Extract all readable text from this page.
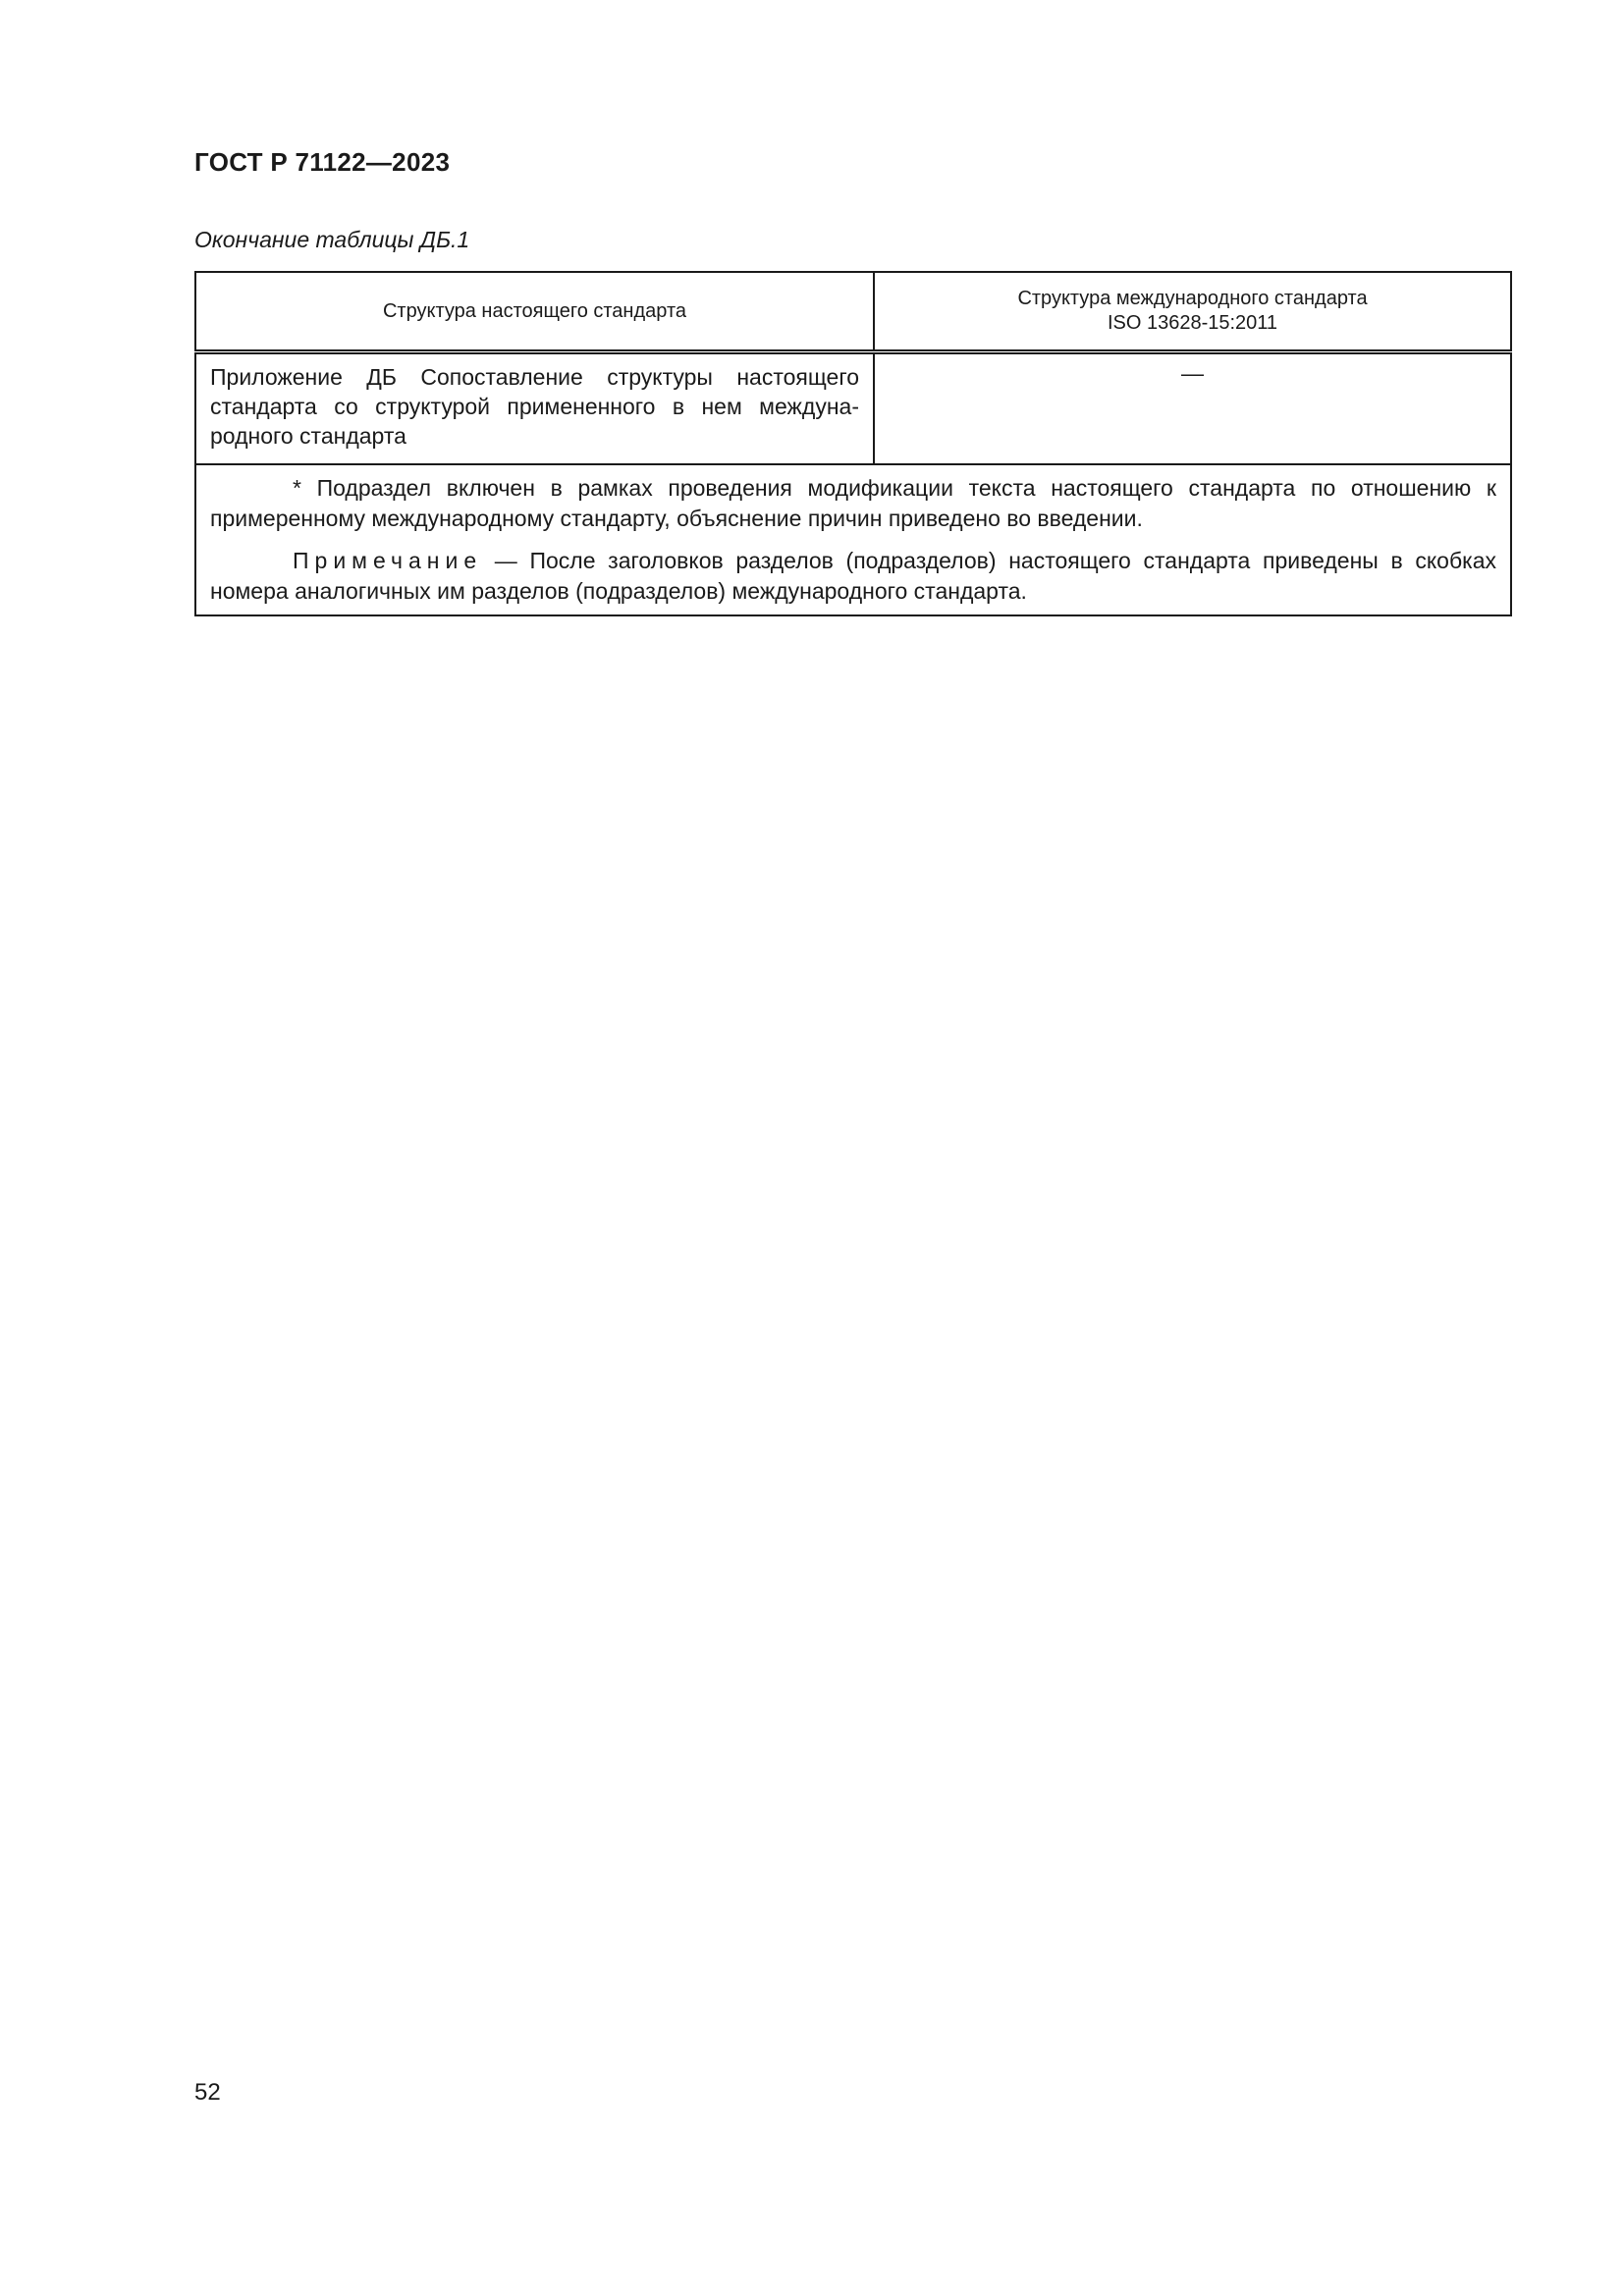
ГОСТ Р 71122—2023
Окончание таблицы ДБ.1
Структура настоящего стандарта	Структура международного стандарта
ISO 13628-15:2011
Приложение ДБ Сопоставление структуры настоящего стандарта со структурой примененного в нем международного стандарта	—

* Подраздел включен в рамках проведения модификации текста настоящего стандарта по отношению к примеренному международному стандарту, объяснение причин приведено во введении.

Примечание — После заголовков разделов (подразделов) настоящего стандарта приведены в скобках номера аналогичных им разделов (подразделов) международного стандарта.	

52
